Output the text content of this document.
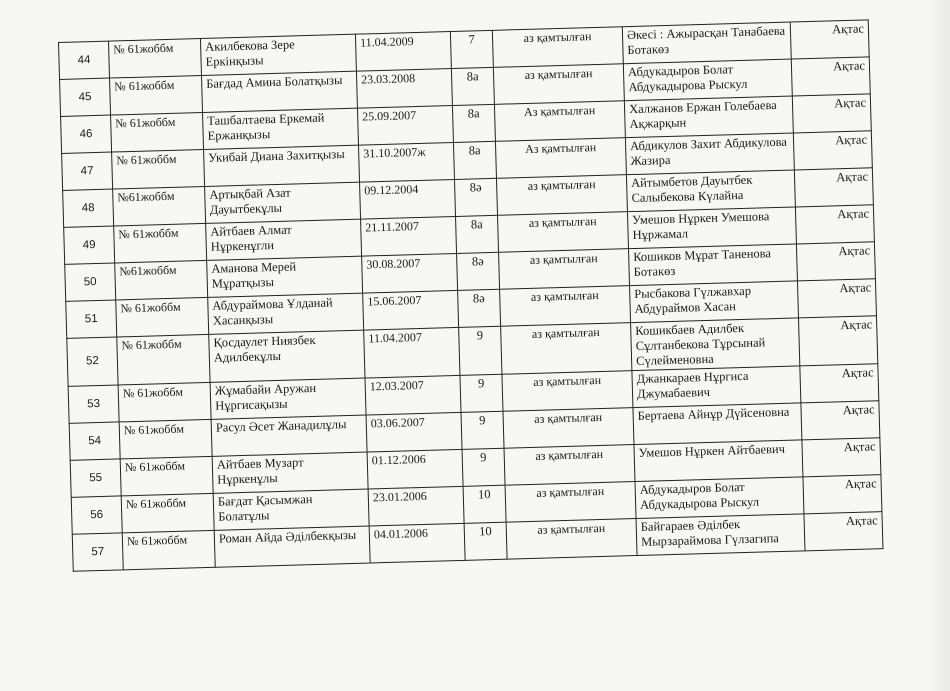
44	№ 61жоббм	Акилбекова Зере Еркінқызы	11.04.2009	7	аз қамтылған	Әкесі : Ажырасқан Танабаева Ботакөз	Ақтас
45	№ 61жоббм	Бағдад Амина Болатқызы	23.03.2008	8а	аз қамтылған	Абдукадыров Болат Абдукадырова Рыскул	Ақтас
46	№ 61жоббм	Ташбалтаева Еркемай Ержанқызы	25.09.2007	8а	Аз қамтылған	Халжанов Ержан Голебаева Ақжарқын	Ақтас
47	№ 61жоббм	Укибай Диана Захитқызы	31.10.2007ж	8а	Аз қамтылған	Абдикулов Захит Абдикулова Жазира	Ақтас
48	№61жоббм	Артықбай Азат Дауытбекұлы	09.12.2004	8ә	аз қамтылған	Айтымбетов Дауытбек Салыбекова Күлайна	Ақтас
49	№ 61жоббм	Айтбаев Алмат Нұркенұгли	21.11.2007	8а	аз қамтылған	Умешов Нұркен Умешова Нұржамал	Ақтас
50	№61жоббм	Аманова Мерей Мұратқызы	30.08.2007	8ә	аз қамтылған	Кошиков Мұрат Таненова Ботакөз	Ақтас
51	№ 61жоббм	Абдураймова Ұлданай Хасанқызы	15.06.2007	8ә	аз қамтылған	Рысбакова Гүлжавхар Абдураймов Хасан	Ақтас
52	№ 61жоббм	Қосдаулет Ниязбек Адилбекұлы	11.04.2007	9	аз қамтылған	Кошикбаев Адилбек Сұлтанбекова Тұрсынай Сүлейменовна	Ақтас
53	№ 61жоббм	Жұмабайи Аружан Нұргисақызы	12.03.2007	9	аз қамтылған	Джанкараев Нұргиса Джумабаевич	Ақтас
54	№ 61жоббм	Расул Әсет Жанадилұлы	03.06.2007	9	аз қамтылған	Бертаева Айнұр Дүйсеновна	Ақтас
55	№ 61жоббм	Айтбаев Музарт Нұркенұлы	01.12.2006	9	аз қамтылған	Умешов Нұркен Айтбаевич	Ақтас
56	№ 61жоббм	Бағдат Қасымжан Болатұлы	23.01.2006	10	аз қамтылған	Абдукадыров Болат Абдукадырова Рыскул	Ақтас
57	№ 61жоббм	Роман Айда Әділбекқызы	04.01.2006	10	аз қамтылған	Байгараев Әділбек Мырзараймова Гүлзагипа	Ақтас
